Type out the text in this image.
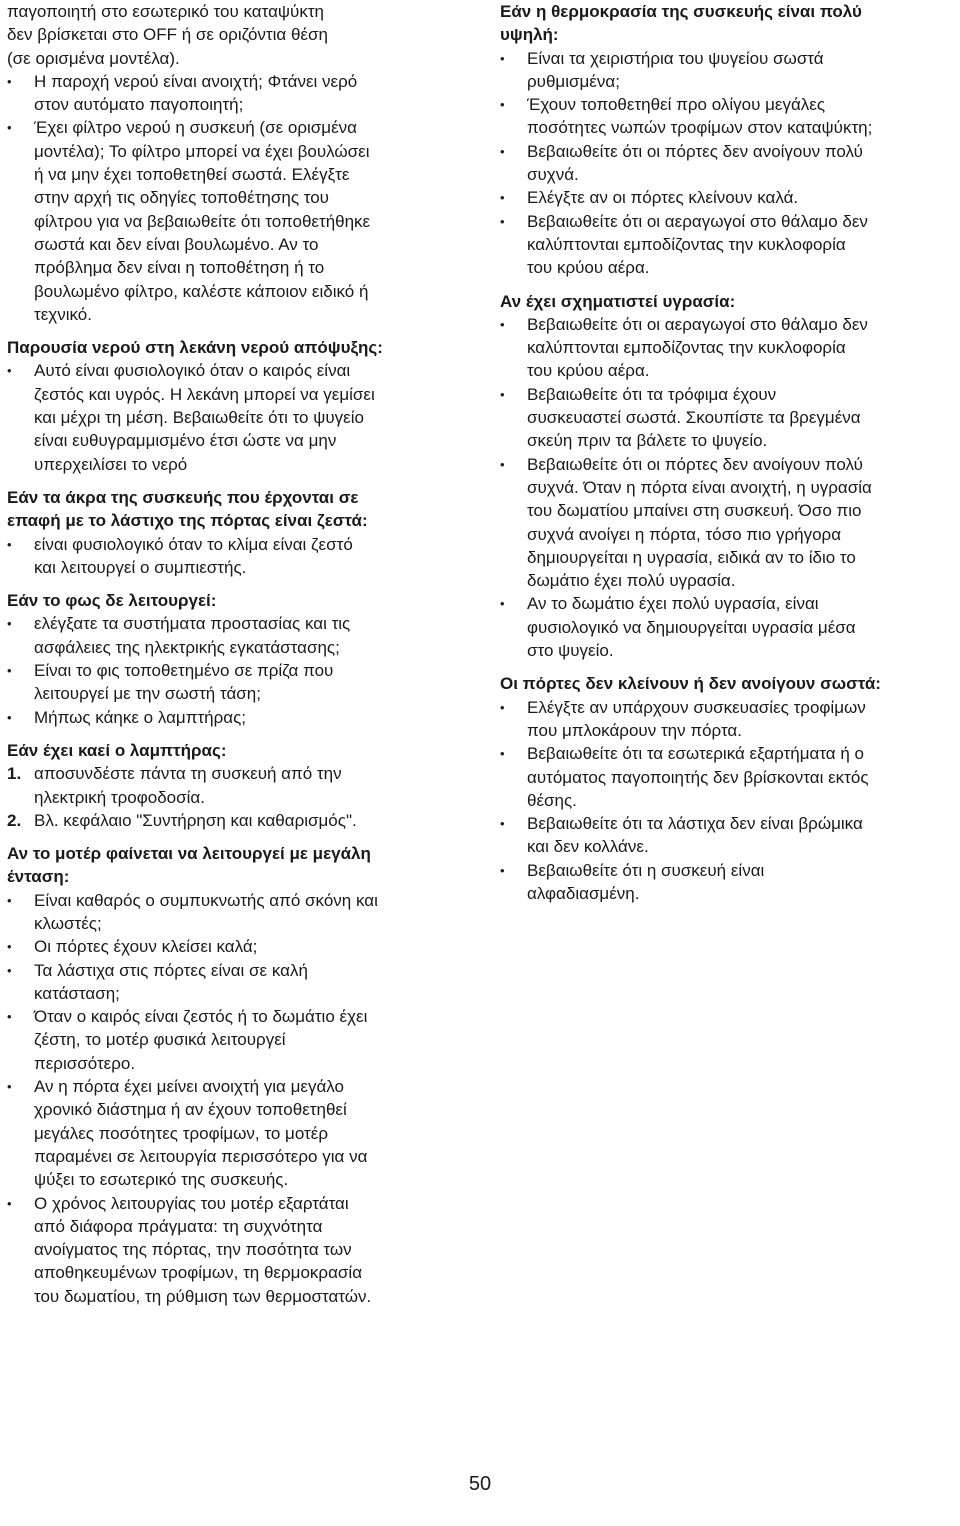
παγοποιητή στο εσωτερικό του καταψύκτη
δεν βρίσκεται στο OFF ή σε οριζόντια θέση
(σε ορισμένα μοντέλα).
• Η παροχή νερού είναι ανοιχτή; Φτάνει νερό
στον αυτόματο παγοποιητή;
• Έχει φίλτρο νερού η συσκευή (σε ορισμένα
μοντέλα); Το φίλτρο μπορεί να έχει βουλώσει
ή να μην έχει τοποθετηθεί σωστά. Ελέγξτε
στην αρχή τις οδηγίες τοποθέτησης του
φίλτρου για να βεβαιωθείτε ότι τοποθετήθηκε
σωστά και δεν είναι βουλωμένο. Αν το
πρόβλημα δεν είναι η τοποθέτηση ή το
βουλωμένο φίλτρο, καλέστε κάποιον ειδικό ή
τεχνικό.
Παρουσία νερού στη λεκάνη νερού απόψυξης:
• Αυτό είναι φυσιολογικό όταν ο καιρός είναι
ζεστός και υγρός. Η λεκάνη μπορεί να γεμίσει
και μέχρι τη μέση. Βεβαιωθείτε ότι το ψυγείο
είναι ευθυγραμμισμένο έτσι ώστε να μην
υπερχειλίσει το νερό
Εάν τα άκρα της συσκευής που έρχονται σε
επαφή με το λάστιχο της πόρτας είναι ζεστά:
• είναι φυσιολογικό όταν το κλίμα είναι ζεστό
και λειτουργεί ο συμπιεστής.
Εάν το φως δε λειτουργεί:
• ελέγξατε τα συστήματα προστασίας και τις
ασφάλειες της ηλεκτρικής εγκατάστασης;
• Είναι το φις τοποθετημένο σε πρίζα που
λειτουργεί με την σωστή τάση;
• Μήπως κάηκε ο λαμπτήρας;
Εάν έχει καεί ο λαμπτήρας:
1. αποσυνδέστε πάντα τη συσκευή από την
ηλεκτρική τροφοδοσία.
2. Βλ. κεφάλαιο "Συντήρηση και καθαρισμός".
Αν το μοτέρ φαίνεται να λειτουργεί με μεγάλη
ένταση:
• Είναι καθαρός ο συμπυκνωτής από σκόνη και
κλωστές;
• Οι πόρτες έχουν κλείσει καλά;
• Τα λάστιχα στις πόρτες είναι σε καλή
κατάσταση;
• Όταν ο καιρός είναι ζεστός ή το δωμάτιο έχει
ζέστη, το μοτέρ φυσικά λειτουργεί
περισσότερο.
• Αν η πόρτα έχει μείνει ανοιχτή για μεγάλο
χρονικό διάστημα ή αν έχουν τοποθετηθεί
μεγάλες ποσότητες τροφίμων, το μοτέρ
παραμένει σε λειτουργία περισσότερο για να
ψύξει το εσωτερικό της συσκευής.
• Ο χρόνος λειτουργίας του μοτέρ εξαρτάται
από διάφορα πράγματα: τη συχνότητα
ανοίγματος της πόρτας, την ποσότητα των
αποθηκευμένων τροφίμων, τη θερμοκρασία
του δωματίου, τη ρύθμιση των θερμοστατών.
Εάν η θερμοκρασία της συσκευής είναι πολύ
υψηλή:
• Είναι τα χειριστήρια του ψυγείου σωστά
ρυθμισμένα;
• Έχουν τοποθετηθεί προ ολίγου μεγάλες
ποσότητες νωπών τροφίμων στον καταψύκτη;
• Βεβαιωθείτε ότι οι πόρτες δεν ανοίγουν πολύ
συχνά.
• Ελέγξτε αν οι πόρτες κλείνουν καλά.
• Βεβαιωθείτε ότι οι αεραγωγοί στο θάλαμο δεν
καλύπτονται εμποδίζοντας την κυκλοφορία
του κρύου αέρα.
Αν έχει σχηματιστεί υγρασία:
• Βεβαιωθείτε ότι οι αεραγωγοί στο θάλαμο δεν
καλύπτονται εμποδίζοντας την κυκλοφορία
του κρύου αέρα.
• Βεβαιωθείτε ότι τα τρόφιμα έχουν
συσκευαστεί σωστά. Σκουπίστε τα βρεγμένα
σκεύη πριν τα βάλετε το ψυγείο.
• Βεβαιωθείτε ότι οι πόρτες δεν ανοίγουν πολύ
συχνά. Όταν η πόρτα είναι ανοιχτή, η υγρασία
του δωματίου μπαίνει στη συσκευή. Όσο πιο
συχνά ανοίγει η πόρτα, τόσο πιο γρήγορα
δημιουργείται η υγρασία, ειδικά αν το ίδιο το
δωμάτιο έχει πολύ υγρασία.
• Αν το δωμάτιο έχει πολύ υγρασία, είναι
φυσιολογικό να δημιουργείται υγρασία μέσα
στο ψυγείο.
Οι πόρτες δεν κλείνουν ή δεν ανοίγουν σωστά:
• Ελέγξτε αν υπάρχουν συσκευασίες τροφίμων
που μπλοκάρουν την πόρτα.
• Βεβαιωθείτε ότι τα εσωτερικά εξαρτήματα ή ο
αυτόματος παγοποιητής δεν βρίσκονται εκτός
θέσης.
• Βεβαιωθείτε ότι τα λάστιχα δεν είναι βρώμικα
και δεν κολλάνε.
• Βεβαιωθείτε ότι η συσκευή είναι
αλφαδιασμένη.
50
